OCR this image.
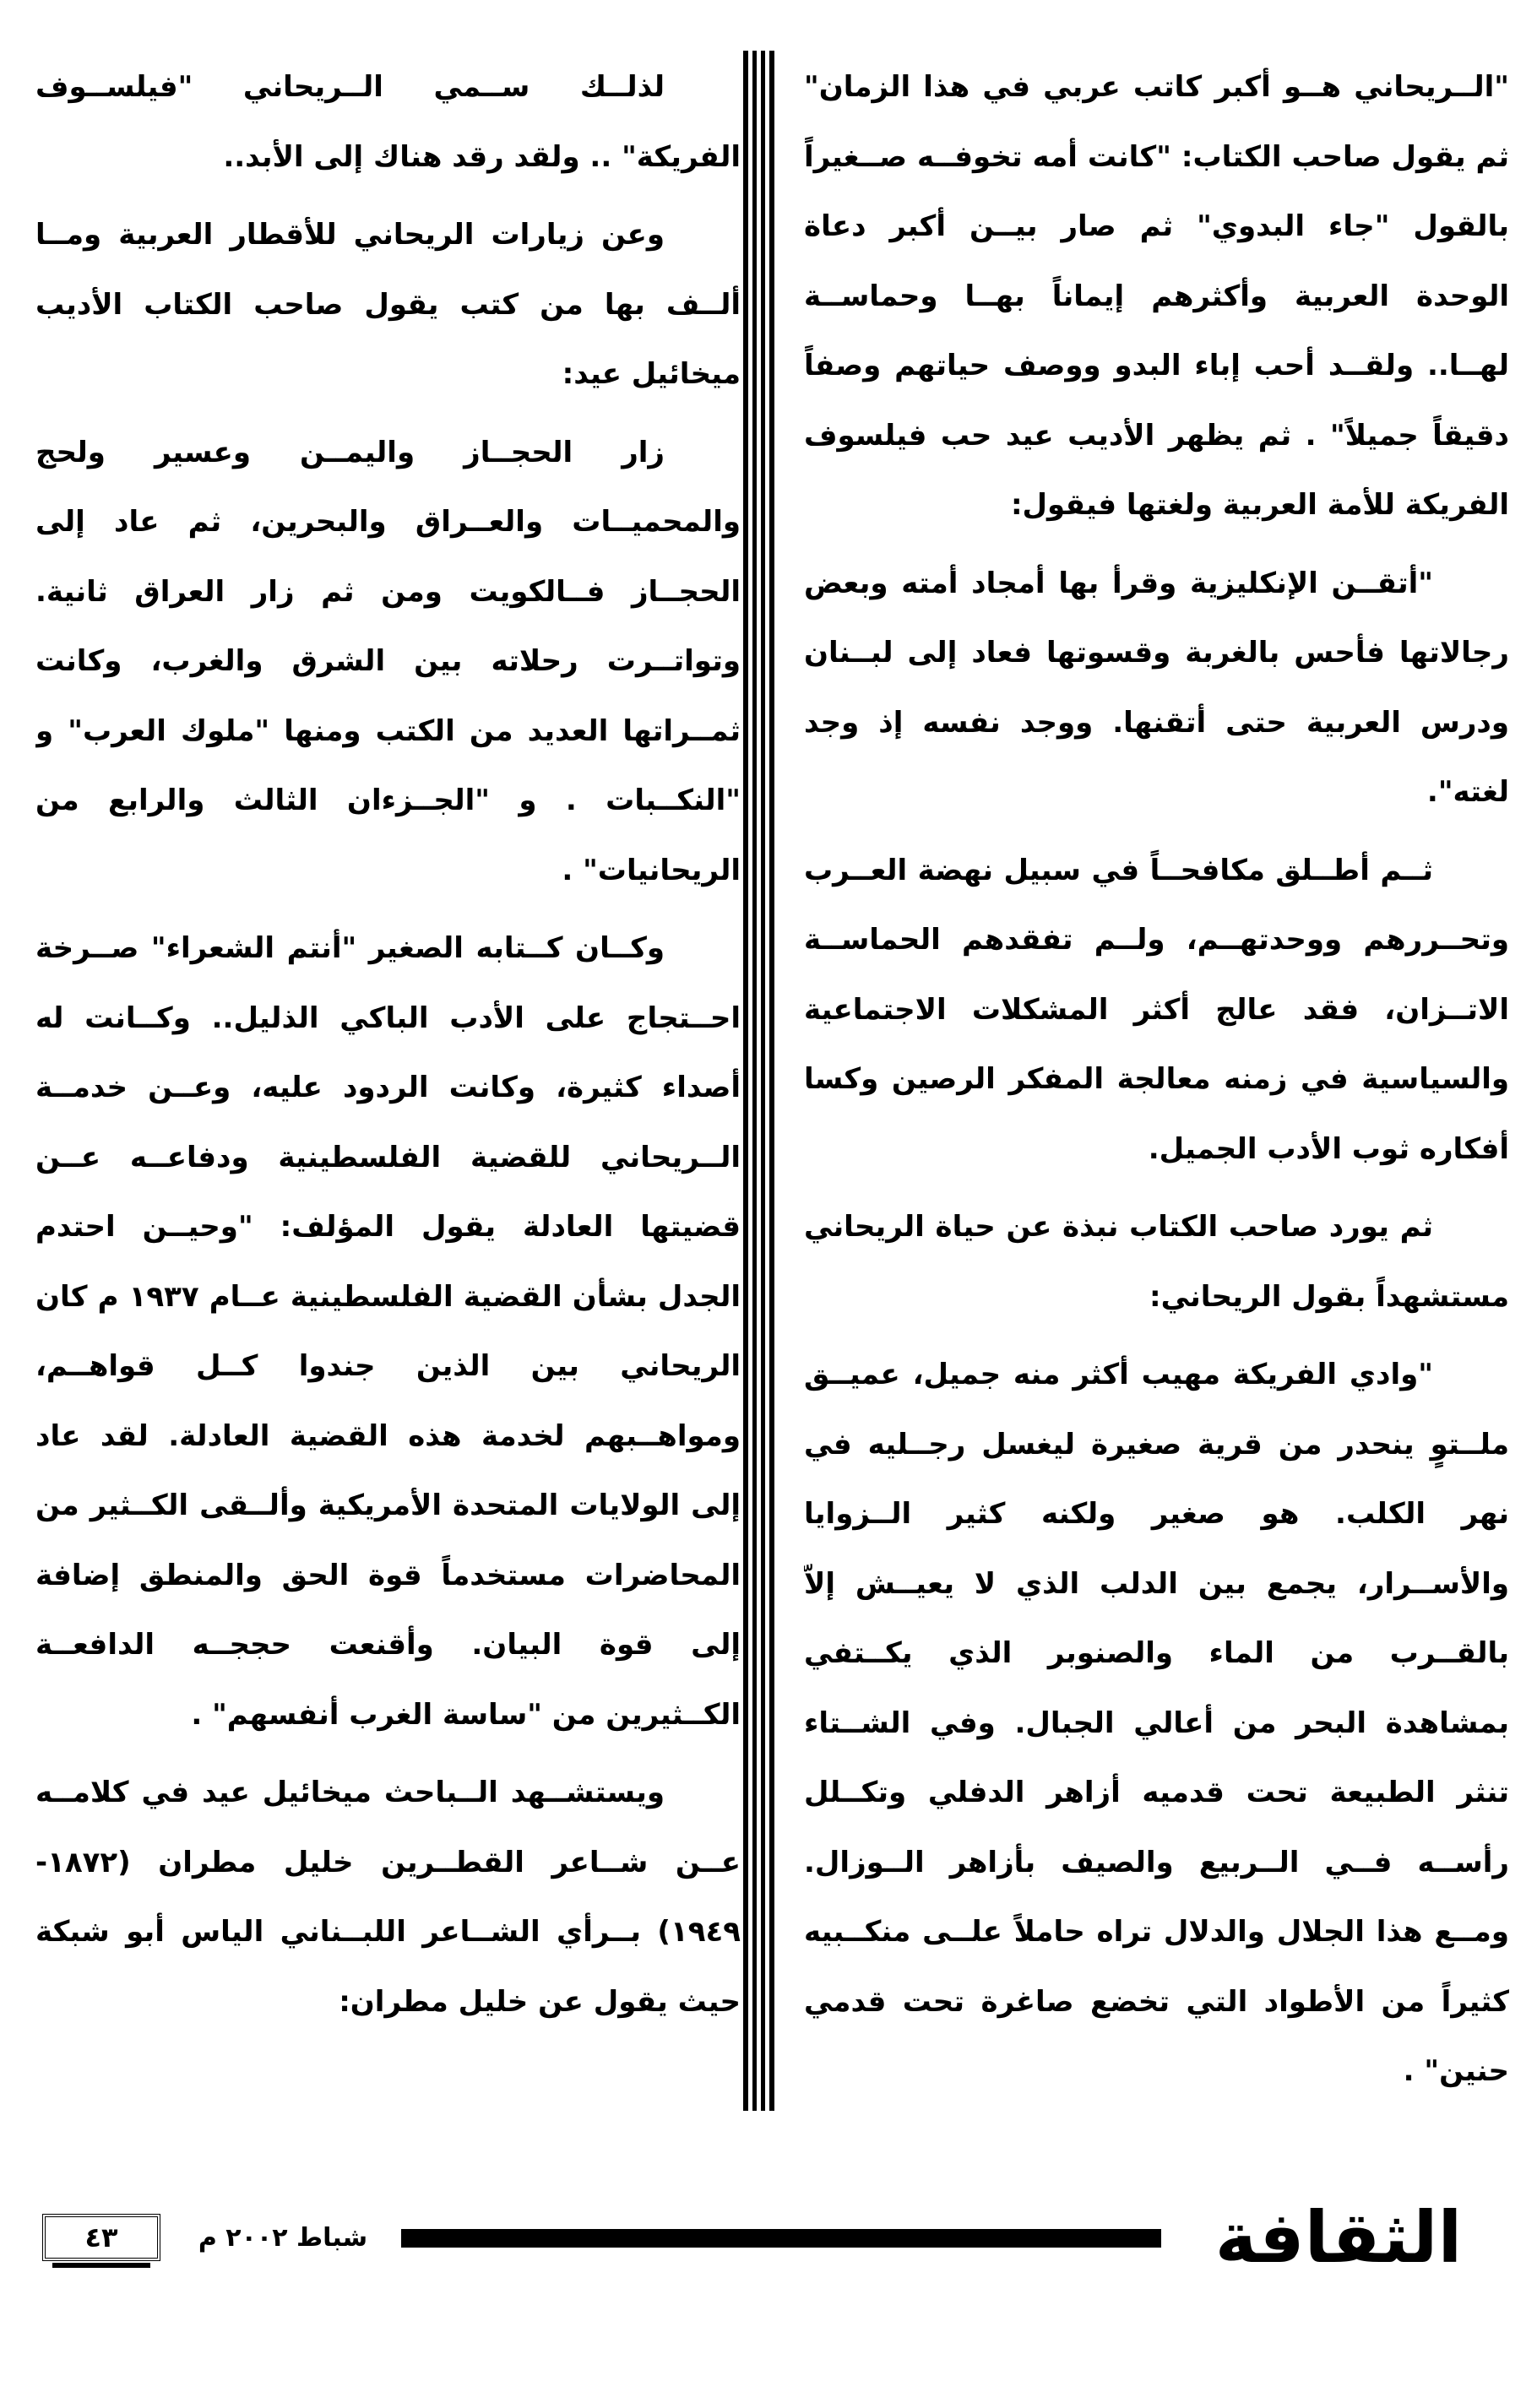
"الــريحاني هــو أكبر كاتب عربي في هذا الزمان" ثم يقول صاحب الكتاب: "كانت أمه تخوفــه صــغيراً بالقول "جاء البدوي" ثم صار بيــن أكبر دعاة الوحدة العربية وأكثرهم إيماناً بهــا وحماســة لهــا.. ولقــد أحب إباء البدو ووصف حياتهم وصفاً دقيقاً جميلاً" . ثم يظهر الأديب عيد حب فيلسوف الفريكة للأمة العربية ولغتها فيقول:

"أتقــن الإنكليزية وقرأ بها أمجاد أمته وبعض رجالاتها فأحس بالغربة وقسوتها فعاد إلى لبــنان ودرس العربية حتى أتقنها. ووجد نفسه إذ وجد لغته".

ثــم أطــلق مكافحــاً في سبيل نهضة العــرب وتحــررهم ووحدتهــم، ولــم تفقدهم الحماســة الاتــزان، فقد عالج أكثر المشكلات الاجتماعية والسياسية في زمنه معالجة المفكر الرصين وكسا أفكاره ثوب الأدب الجميل.

ثم يورد صاحب الكتاب نبذة عن حياة الريحاني مستشهداً بقول الريحاني:

"وادي الفريكة مهيب أكثر منه جميل، عميــق ملــتوٍ ينحدر من قرية صغيرة ليغسل رجــليه في نهر الكلب. هو صغير ولكنه كثير الــزوايا والأســرار، يجمع بين الدلب الذي لا يعيــش إلاّ بالقــرب من الماء والصنوبر الذي يكــتفي بمشاهدة البحر من أعالي الجبال. وفي الشــتاء تنثر الطبيعة تحت قدميه أزاهر الدفلي وتكــلل رأســه فــي الــربيع والصيف بأزاهر الــوزال. ومــع هذا الجلال والدلال تراه حاملاً علــى منكــبيه كثيراً من الأطواد التي تخضع صاغرة تحت قدمي حنين" .

لذلــك ســمي الــريحاني "فيلســوف الفريكة" .. ولقد رقد هناك إلى الأبد..

وعن زيارات الريحاني للأقطار العربية ومــا ألــف بها من كتب يقول صاحب الكتاب الأديب ميخائيل عيد:

زار الحجــاز واليمــن وعسير ولحج والمحميــات والعــراق والبحرين، ثم عاد إلى الحجــاز فــالكويت ومن ثم زار العراق ثانية. وتواتــرت رحلاته بين الشرق والغرب، وكانت ثمــراتها العديد من الكتب ومنها "ملوك العرب" و "النكــبات . و "الجــزءان الثالث والرابع من الريحانيات" .

وكــان كــتابه الصغير "أنتم الشعراء" صــرخة احــتجاج على الأدب الباكي الذليل.. وكــانت له أصداء كثيرة، وكانت الردود عليه، وعــن خدمــة الــريحاني للقضية الفلسطينية ودفاعــه عــن قضيتها العادلة يقول المؤلف: "وحيــن احتدم الجدل بشأن القضية الفلسطينية عــام ١٩٣٧ م كان الريحاني بين الذين جندوا كــل قواهــم، ومواهــبهم لخدمة هذه القضية العادلة. لقد عاد إلى الولايات المتحدة الأمريكية وألــقى الكــثير من المحاضرات مستخدماً قوة الحق والمنطق إضافة إلى قوة البيان. وأقنعت حججــه الدافعــة الكــثيرين من "ساسة الغرب أنفسهم" .

ويستشــهد الــباحث ميخائيل عيد في كلامــه عــن شــاعر القطــرين خليل مطران (١٨٧٢- ١٩٤٩) بــرأي الشــاعر اللبــناني الياس أبو شبكة حيث يقول عن خليل مطران:

الثقافة
شباط ٢٠٠٢ م
٤٣
